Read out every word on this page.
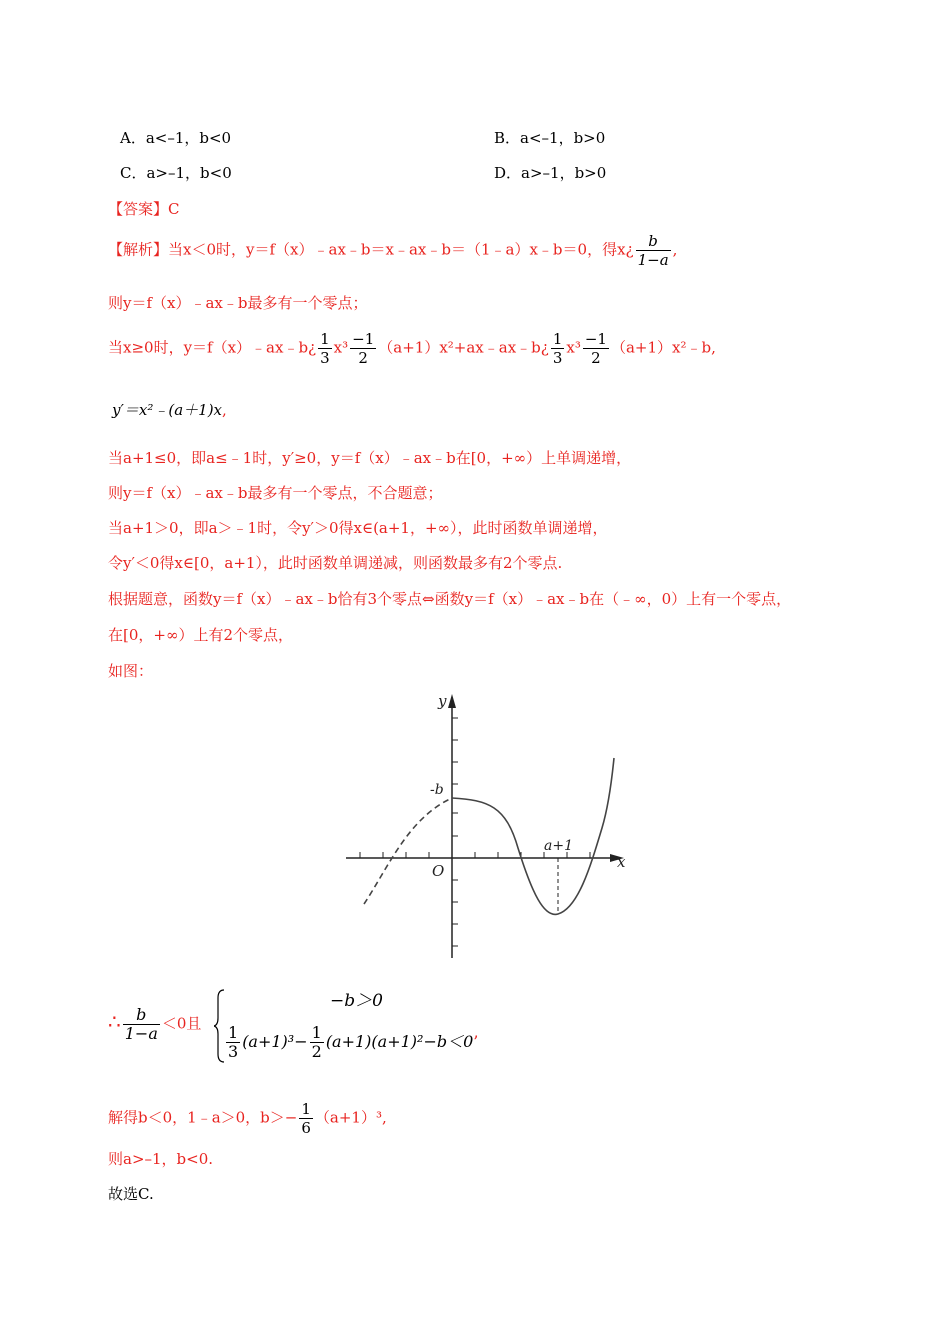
A．a<–1，b<0	B．a<–1，b>0
C．a>–1，b<0	D．a>–1，b>0
【答案】C
【解析】当x＜0时，y＝f（x）﹣ax﹣b＝x﹣ax﹣b＝（1﹣a）x﹣b＝0，得x¿ $\frac{b}{1-a}$ ,
则y＝f（x）﹣ax﹣b最多有一个零点；
当x≥0时，y＝f（x）﹣ax﹣b¿ $\frac{1}{3} x^3 \frac{-1}{2}$ （a+1）x²+ax﹣ax﹣b¿ $\frac{1}{3} x^3 \frac{-1}{2}$ （a+1）x²﹣b,
y′＝x²﹣(a＋1)x,
当a+1≤0，即a≤﹣1时，y′≥0，y＝f（x）﹣ax﹣b在[0，+∞）上单调递增，
则y＝f（x）﹣ax﹣b最多有一个零点，不合题意；
当a+1＞0，即a＞﹣1时，令y′＞0得x∈(a+1，+∞），此时函数单调递增，
令y′＜0得x∈[0，a+1），此时函数单调递减，则函数最多有2个零点.
根据题意，函数y＝f（x）﹣ax﹣b恰有3个零点⇔函数y＝f（x）﹣ax﹣b在（﹣∞，0）上有一个零点，
在[0，+∞）上有2个零点，
如图：
y
x
O
-b
a+1
∴ $\frac{b}{1-a} <0$且
−b＞0
$\frac{1}{3} (a+1)^3- \frac{1}{2} (a+1)(a+1)^2-b<0$’
解得b＜0，1﹣a＞0，$b>- \frac{1}{6} (a+1)^3$,
则a>–1，b<0.
故选C.
